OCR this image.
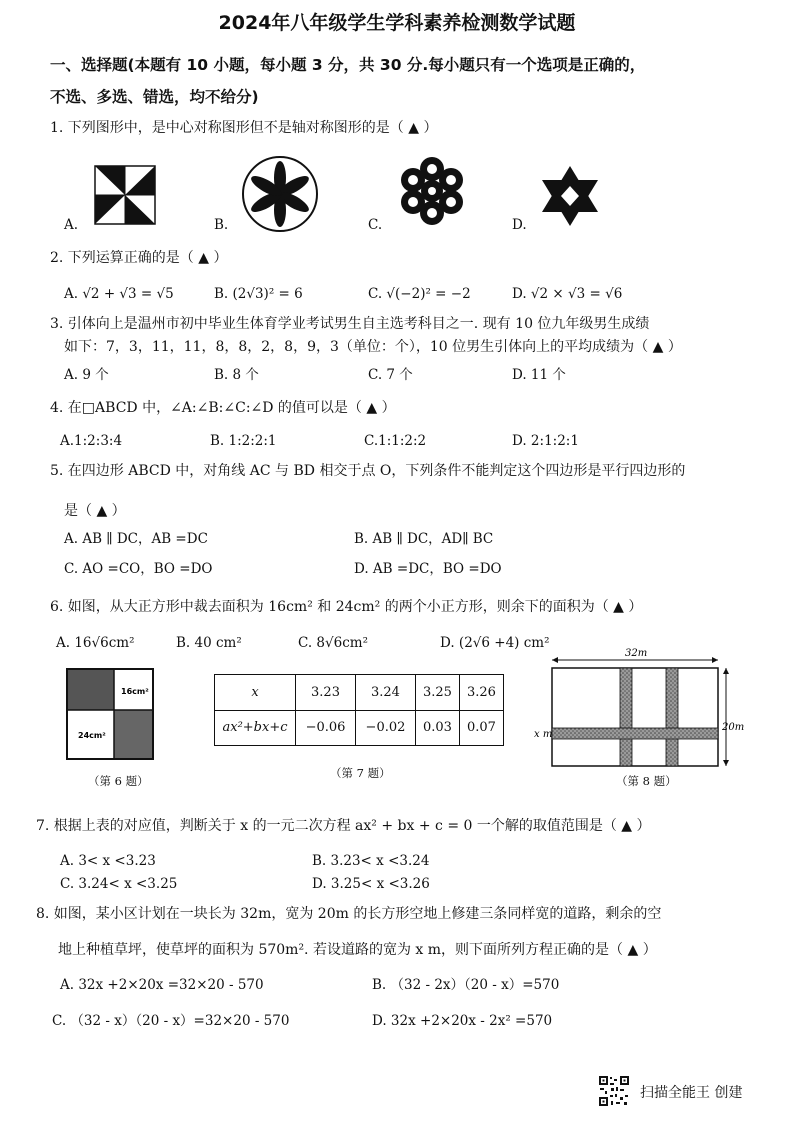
2024年八年级学生学科素养检测数学试题
一、选择题(本题有 10 小题，每小题 3 分，共 30 分.每小题只有一个选项是正确的，
不选、多选、错选，均不给分)
1. 下列图形中，是中心对称图形但不是轴对称图形的是（ ▲ ）
A.	B.	C.	D.
2. 下列运算正确的是（ ▲ ）
A. √2 + √3 = √5	B. (2√3)² = 6	C. √(−2)² = −2	D. √2 × √3 = √6
3. 引体向上是温州市初中毕业生体育学业考试男生自主选考科目之一. 现有 10 位九年级男生成绩
如下：7，3，11，11，8，8，2，8，9，3（单位：个），10 位男生引体向上的平均成绩为（ ▲ ）
A. 9 个	B. 8 个	C. 7 个	D. 11 个
4. 在□ABCD 中，∠A:∠B:∠C:∠D 的值可以是（ ▲ ）
A.1:2:3:4	B. 1:2:2:1	C.1:1:2:2	D. 2:1:2:1
5. 在四边形 ABCD 中，对角线 AC 与 BD 相交于点 O，下列条件不能判定这个四边形是平行四边形的
是（ ▲ ）
A. AB ∥ DC，AB =DC	B. AB ∥ DC，AD∥ BC
C. AO =CO，BO =DO	D. AB =DC，BO =DO
6. 如图，从大正方形中裁去面积为 16cm² 和 24cm² 的两个小正方形，则余下的面积为（ ▲ ）
A. 16√6cm²	B. 40 cm²	C. 8√6cm²	D. (2√6 +4) cm²
16cm²
24cm²
（第 6 题）
x	3.23	3.24	3.25	3.26
ax²+bx+c	−0.06	−0.02	0.03	0.07
（第 7 题）
32m
20m
x m
（第 8 题）
7. 根据上表的对应值，判断关于 x 的一元二次方程 ax² + bx + c = 0 一个解的取值范围是（ ▲ ）
A. 3< x <3.23	B. 3.23< x <3.24
C. 3.24< x <3.25	D. 3.25< x <3.26
8. 如图，某小区计划在一块长为 32m，宽为 20m 的长方形空地上修建三条同样宽的道路，剩余的空
地上种植草坪，使草坪的面积为 570m². 若设道路的宽为 x m，则下面所列方程正确的是（ ▲ ）
A. 32x +2×20x =32×20 - 570	B. （32 - 2x）（20 - x）=570
C. （32 - x）（20 - x）=32×20 - 570	D. 32x +2×20x - 2x² =570
扫描全能王 创建
